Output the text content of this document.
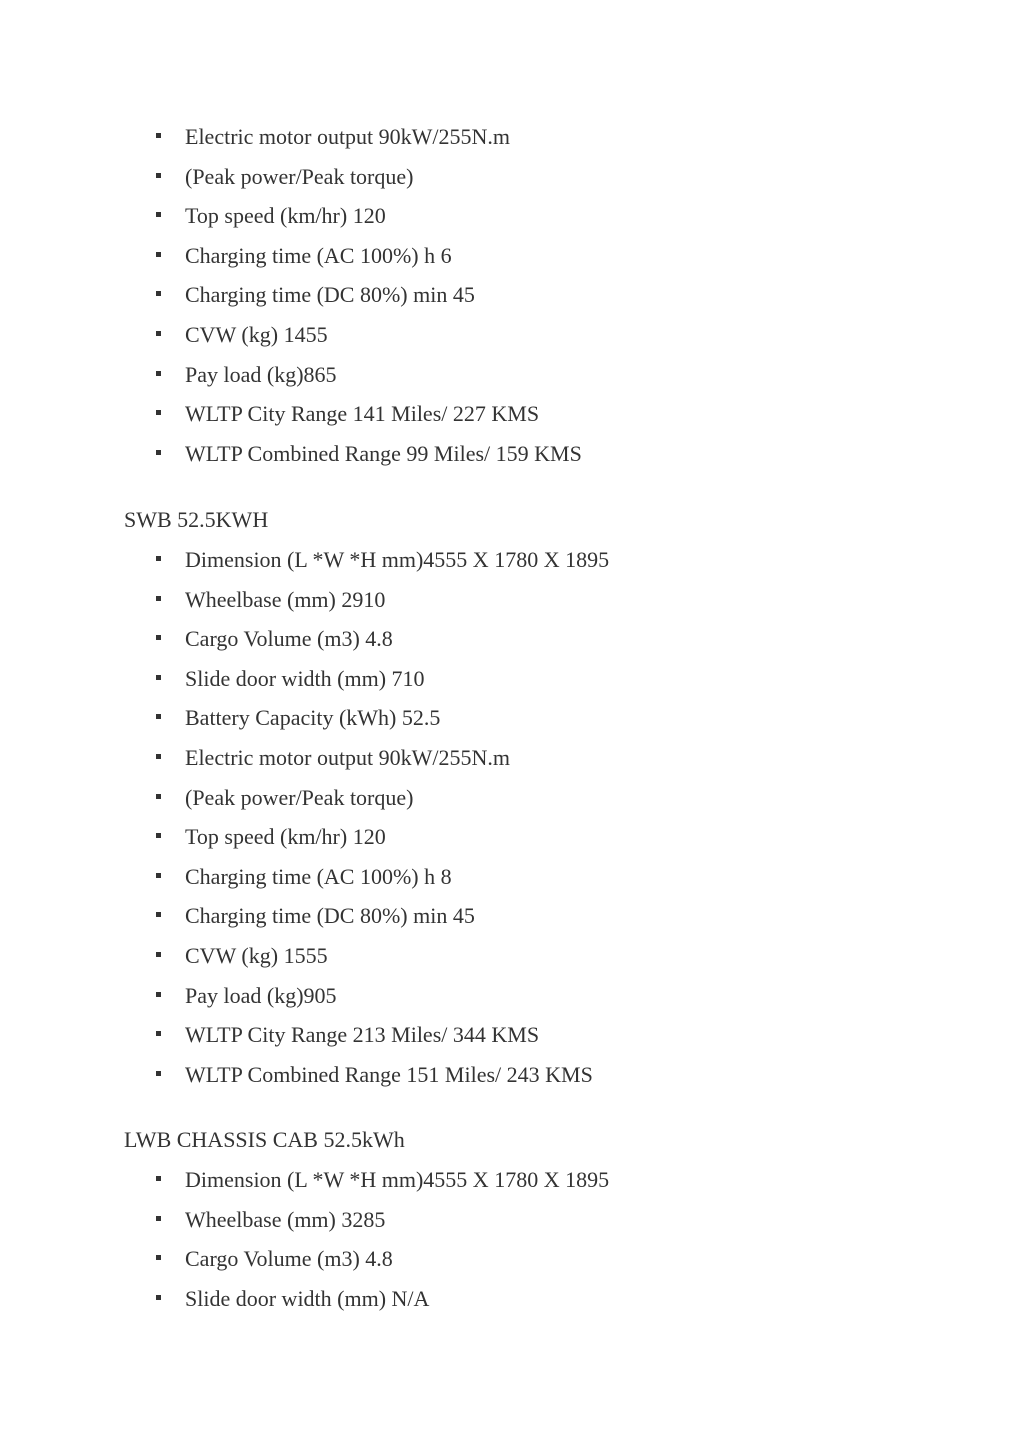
Electric motor output 90kW/255N.m
(Peak power/Peak torque)
Top speed (km/hr) 120
Charging time (AC 100%) h 6
Charging time (DC 80%) min 45
CVW (kg) 1455
Pay load (kg)865
WLTP City Range 141 Miles/ 227 KMS
WLTP Combined Range 99 Miles/ 159 KMS
SWB 52.5KWH
Dimension (L *W *H mm)4555 X 1780 X 1895
Wheelbase (mm) 2910
Cargo Volume (m3) 4.8
Slide door width (mm) 710
Battery Capacity (kWh) 52.5
Electric motor output 90kW/255N.m
(Peak power/Peak torque)
Top speed (km/hr) 120
Charging time (AC 100%) h 8
Charging time (DC 80%) min 45
CVW (kg) 1555
Pay load (kg)905
WLTP City Range 213 Miles/ 344 KMS
WLTP Combined Range 151 Miles/ 243 KMS
LWB CHASSIS CAB 52.5kWh
Dimension (L *W *H mm)4555 X 1780 X 1895
Wheelbase (mm) 3285
Cargo Volume (m3) 4.8
Slide door width (mm) N/A
